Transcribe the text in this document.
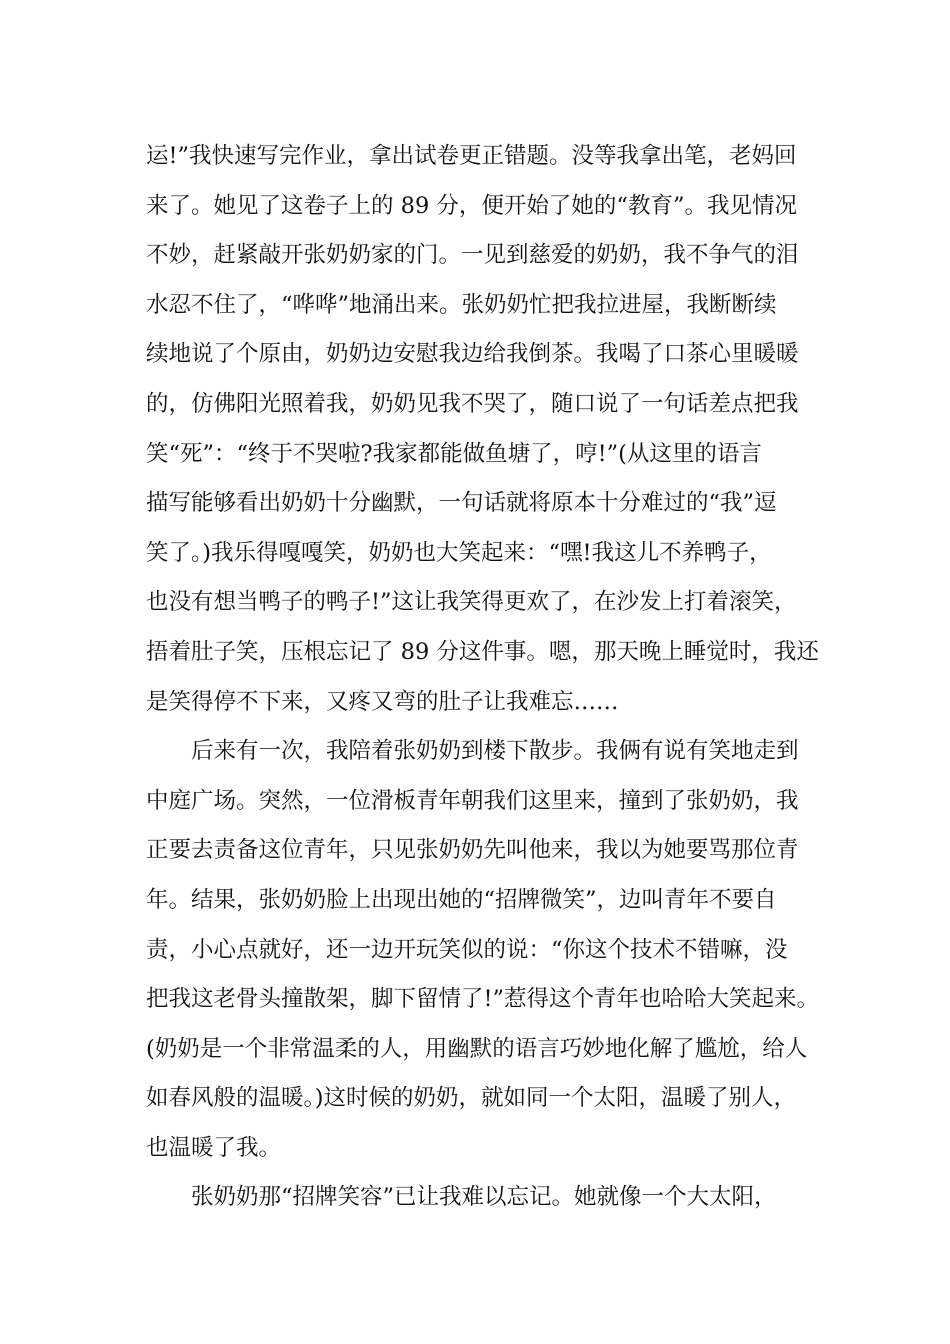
运!”我快速写完作业，拿出试卷更正错题。没等我拿出笔，老妈回
来了。她见了这卷子上的 89 分，便开始了她的“教育”。我见情况
不妙，赶紧敲开张奶奶家的门。一见到慈爱的奶奶，我不争气的泪
水忍不住了，“哗哗”地涌出来。张奶奶忙把我拉进屋，我断断续
续地说了个原由，奶奶边安慰我边给我倒茶。我喝了口茶心里暖暖
的，仿佛阳光照着我，奶奶见我不哭了，随口说了一句话差点把我
笑“死”：“终于不哭啦?我家都能做鱼塘了，哼!”(从这里的语言
描写能够看出奶奶十分幽默，一句话就将原本十分难过的“我”逗
笑了。)我乐得嘎嘎笑，奶奶也大笑起来：“嘿!我这儿不养鸭子，
也没有想当鸭子的鸭子!”这让我笑得更欢了，在沙发上打着滚笑，
捂着肚子笑，压根忘记了 89 分这件事。嗯，那天晚上睡觉时，我还
是笑得停不下来，又疼又弯的肚子让我难忘……
后来有一次，我陪着张奶奶到楼下散步。我俩有说有笑地走到
中庭广场。突然，一位滑板青年朝我们这里来，撞到了张奶奶，我
正要去责备这位青年，只见张奶奶先叫他来，我以为她要骂那位青
年。结果，张奶奶脸上出现出她的“招牌微笑”，边叫青年不要自
责，小心点就好，还一边开玩笑似的说：“你这个技术不错嘛，没
把我这老骨头撞散架，脚下留情了!”惹得这个青年也哈哈大笑起来。
(奶奶是一个非常温柔的人，用幽默的语言巧妙地化解了尴尬，给人
如春风般的温暖。)这时候的奶奶，就如同一个太阳，温暖了别人，
也温暖了我。
张奶奶那“招牌笑容”已让我难以忘记。她就像一个大太阳，
